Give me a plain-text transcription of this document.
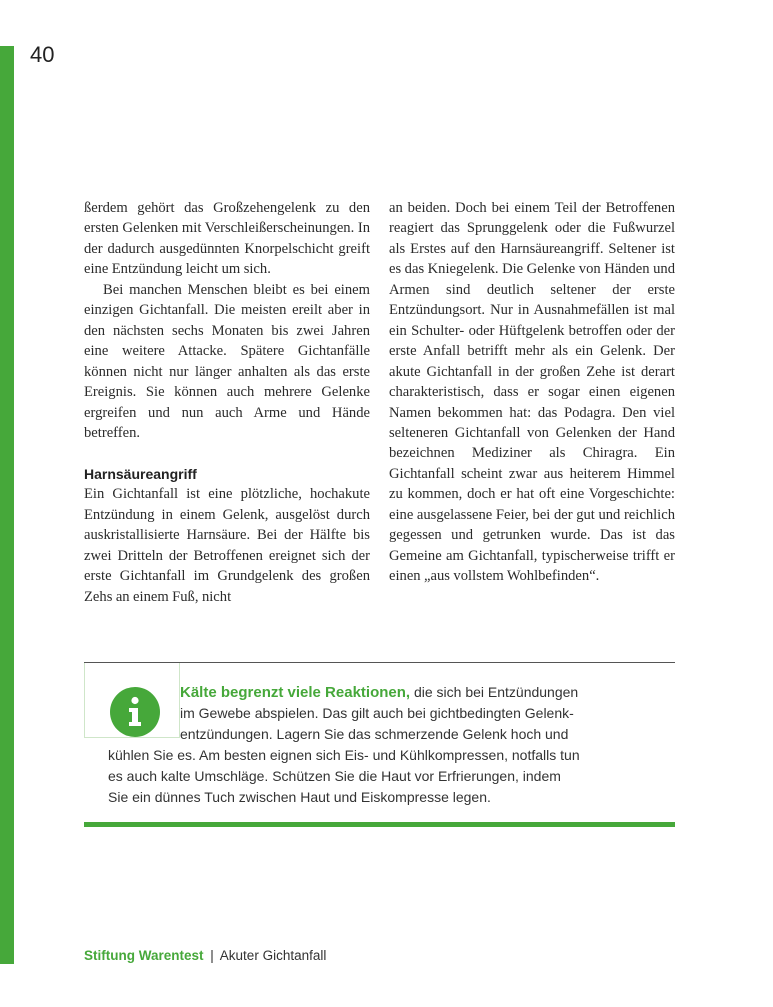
40

ßerdem gehört das Großzehengelenk zu den ersten Gelenken mit Verschleißerscheinungen. In der dadurch ausgedünnten Knorpelschicht greift eine Entzündung leicht um sich.

Bei manchen Menschen bleibt es bei einem einzigen Gichtanfall. Die meisten ereilt aber in den nächsten sechs Monaten bis zwei Jahren eine weitere Attacke. Spätere Gichtanfälle können nicht nur länger anhalten als das erste Ereignis. Sie können auch mehrere Gelenke ergreifen und nun auch Arme und Hände betreffen.

Harnsäureangriff

Ein Gichtanfall ist eine plötzliche, hochakute Entzündung in einem Gelenk, ausgelöst durch auskristallisierte Harnsäure. Bei der Hälfte bis zwei Dritteln der Betroffenen ereignet sich der erste Gichtanfall im Grundgelenk des großen Zehs an einem Fuß, nicht

an beiden. Doch bei einem Teil der Betroffenen reagiert das Sprunggelenk oder die Fußwurzel als Erstes auf den Harnsäureangriff. Seltener ist es das Kniegelenk. Die Gelenke von Händen und Armen sind deutlich seltener der erste Entzündungsort. Nur in Ausnahmefällen ist mal ein Schulter- oder Hüftgelenk betroffen oder der erste Anfall betrifft mehr als ein Gelenk. Der akute Gichtanfall in der großen Zehe ist derart charakteristisch, dass er sogar einen eigenen Namen bekommen hat: das Podagra. Den viel selteneren Gichtanfall von Gelenken der Hand bezeichnen Mediziner als Chiragra. Ein Gichtanfall scheint zwar aus heiterem Himmel zu kommen, doch er hat oft eine Vorgeschichte: eine ausgelassene Feier, bei der gut und reichlich gegessen und getrunken wurde. Das ist das Gemeine am Gichtanfall, typischerweise trifft er einen „aus vollstem Wohlbefinden“.

Kälte begrenzt viele Reaktionen, die sich bei Entzündungen
im Gewebe abspielen. Das gilt auch bei gichtbedingten Gelenk-
entzündungen. Lagern Sie das schmerzende Gelenk hoch und
kühlen Sie es. Am besten eignen sich Eis- und Kühlkompressen, notfalls tun
es auch kalte Umschläge. Schützen Sie die Haut vor Erfrierungen, indem
Sie ein dünnes Tuch zwischen Haut und Eiskompresse legen.
Stiftung Warentest | Akuter Gichtanfall
